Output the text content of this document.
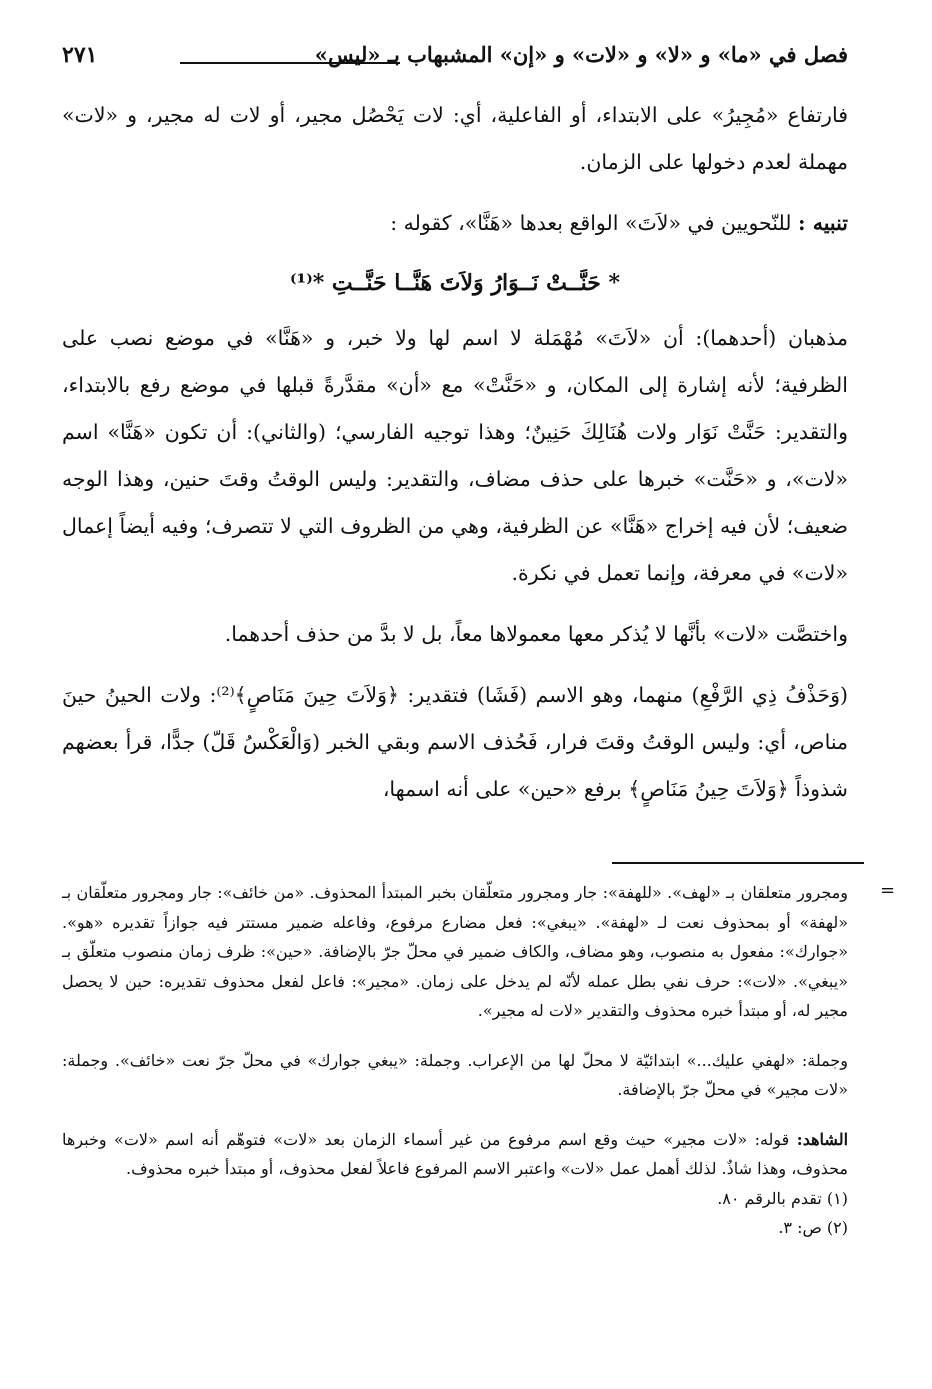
فصل في «ما» و «لا» و «لات» و «إن» المشبهاب بـ «ليس»
٢٧١

فارتفاع «مُجِيرُ» على الابتداء، أو الفاعلية، أي: لات يَحْصُل مجير، أو لات له مجير، و «لات» مهملة لعدم دخولها على الزمان.

تنبيه : للنّحويين في «لاَتَ» الواقع بعدها «هَنَّا»، كقوله :

* حَنَّــتْ نَــوَارُ وَلاَتَ هَنَّــا حَنَّــتِ *⁽¹⁾

مذهبان (أحدهما): أن «لاَتَ» مُهْمَلة لا اسم لها ولا خبر، و «هَنَّا» في موضع نصب على الظرفية؛ لأنه إشارة إلى المكان، و «حَنَّتْ» مع «أن» مقدَّرةً قبلها في موضع رفع بالابتداء، والتقدير: حَنَّتْ نَوَار ولات هُنَالِكَ حَنِينٌ؛ وهذا توجيه الفارسي؛ (والثاني): أن تكون «هَنَّا» اسم «لات»، و «حَنَّت» خبرها على حذف مضاف، والتقدير: وليس الوقتُ وقتَ حنين، وهذا الوجه ضعيف؛ لأن فيه إخراج «هَنَّا» عن الظرفية، وهي من الظروف التي لا تتصرف؛ وفيه أيضاً إعمال «لات» في معرفة، وإنما تعمل في نكرة.

واختصَّت «لات» بأنَّها لا يُذكر معها معمولاها معاً، بل لا بدَّ من حذف أحدهما.

(وَحَذْفُ ذِي الرَّفْعِ) منهما، وهو الاسم (فَشَا) فتقدير: ﴿وَلاَتَ حِينَ مَنَاصٍ﴾⁽²⁾: ولات الحينُ حينَ مناص، أي: وليس الوقتُ وقتَ فرار، فَحُذف الاسم وبقي الخبر (وَالْعَكْسُ قَلّ) جدًّا، قرأ بعضهم شذوذاً ﴿وَلاَتَ حِينُ مَنَاصٍ﴾ برفع «حين» على أنه اسمها،

=

ومجرور متعلقان بـ «لهف». «للهفة»: جار ومجرور متعلّقان بخبر المبتدأ المحذوف. «من خائف»: جار ومجرور متعلّقان بـ «لهفة» أو بمحذوف نعت لـ «لهفة». «يبغي»: فعل مضارع مرفوع، وفاعله ضمير مستتر فيه جوازاً تقديره «هو». «جوارك»: مفعول به منصوب، وهو مضاف، والكاف ضمير في محلّ جرّ بالإضافة. «حين»: ظرف زمان منصوب متعلّق بـ «يبغي». «لات»: حرف نفي بطل عمله لأنّه لم يدخل على زمان. «مجير»: فاعل لفعل محذوف تقديره: حين لا يحصل مجير له، أو مبتدأ خبره محذوف والتقدير «لات له مجير».

وجملة: «لهفي عليك...» ابتدائيّة لا محلّ لها من الإعراب. وجملة: «يبغي جوارك» في محلّ جرّ نعت «خائف». وجملة: «لات مجير» في محلّ جرّ بالإضافة.

الشاهد: قوله: «لات مجير» حيث وقع اسم مرفوع من غير أسماء الزمان بعد «لات» فتوهّم أنه اسم «لات» وخبرها محذوف، وهذا شاذٌ. لذلك أهمل عمل «لات» واعتبر الاسم المرفوع فاعلاً لفعل محذوف، أو مبتدأ خبره محذوف.

(١) تقدم بالرقم ٨٠.

(٢) ص: ٣.
